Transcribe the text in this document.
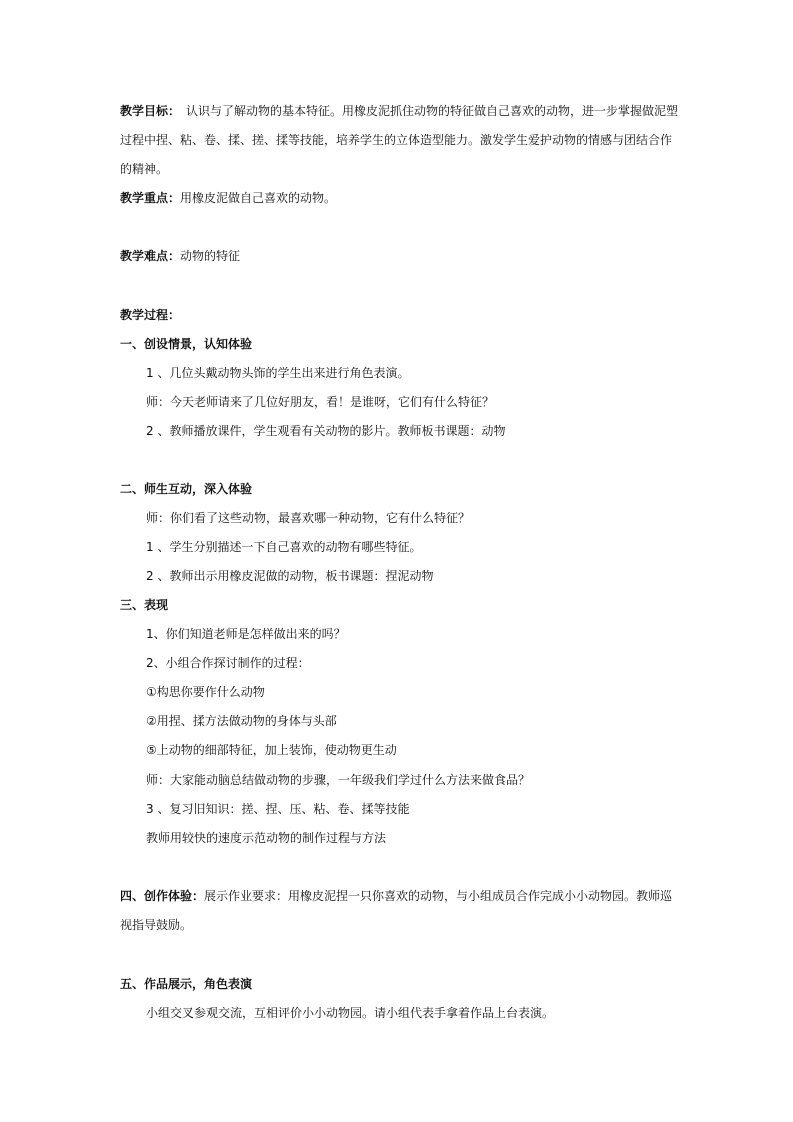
教学目标： 认识与了解动物的基本特征。用橡皮泥抓住动物的特征做自己喜欢的动物，进一步掌握做泥塑
过程中捏、粘、卷、揉、搓、揉等技能，培养学生的立体造型能力。激发学生爱护动物的情感与团结合作
的精神。
教学重点：用橡皮泥做自己喜欢的动物。
教学难点：动物的特征
教学过程：
一、创设情景，认知体验
1 、几位头戴动物头饰的学生出来进行角色表演。
师：今天老师请来了几位好朋友，看！是谁呀，它们有什么特征？
2 、教师播放课件，学生观看有关动物的影片。教师板书课题：动物
二、师生互动，深入体验
师：你们看了这些动物，最喜欢哪一种动物，它有什么特征？
1 、学生分别描述一下自己喜欢的动物有哪些特征。
2 、教师出示用橡皮泥做的动物，板书课题：捏泥动物
三、表现
1、你们知道老师是怎样做出来的吗？
2、小组合作探讨制作的过程：
①构思你要作什么动物
②用捏、揉方法做动物的身体与头部
⑤上动物的细部特征，加上装饰，使动物更生动
师：大家能动脑总结做动物的步骤，一年级我们学过什么方法来做食品？
3 、复习旧知识：搓、捏、压、粘、卷、揉等技能
教师用较快的速度示范动物的制作过程与方法
四、创作体验：展示作业要求：用橡皮泥捏一只你喜欢的动物，与小组成员合作完成小小动物园。教师巡
视指导鼓励。
五、作品展示，角色表演
小组交叉参观交流，互相评价小小动物园。请小组代表手拿着作品上台表演。
